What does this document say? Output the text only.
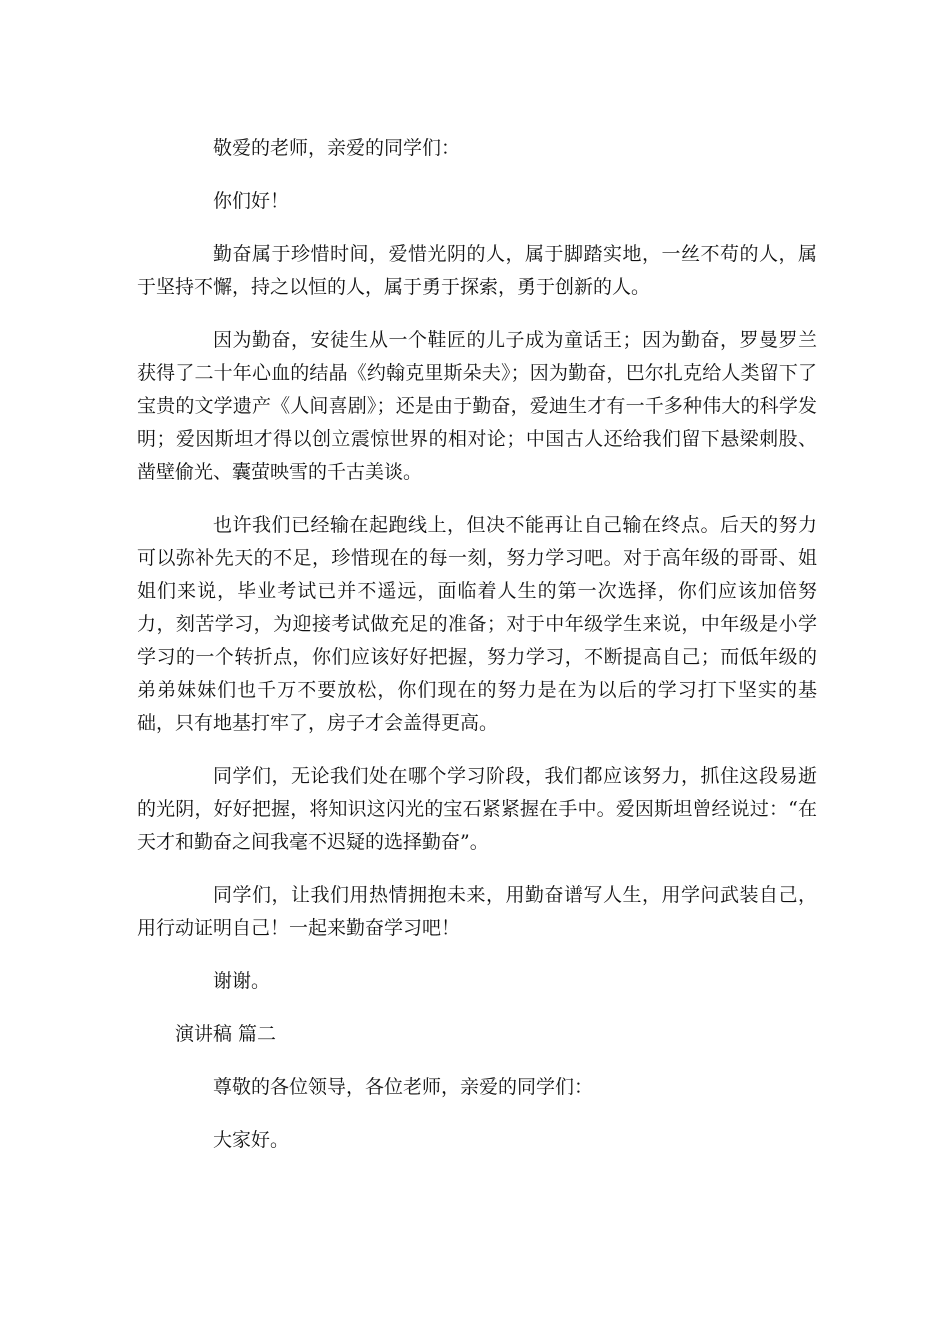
敬爱的老师，亲爱的同学们：

你们好！

勤奋属于珍惜时间，爱惜光阴的人，属于脚踏实地，一丝不苟的人，属于坚持不懈，持之以恒的人，属于勇于探索，勇于创新的人。

因为勤奋，安徒生从一个鞋匠的儿子成为童话王；因为勤奋，罗曼罗兰获得了二十年心血的结晶《约翰克里斯朵夫》；因为勤奋，巴尔扎克给人类留下了宝贵的文学遗产《人间喜剧》；还是由于勤奋，爱迪生才有一千多种伟大的科学发明；爱因斯坦才得以创立震惊世界的相对论；中国古人还给我们留下悬梁刺股、凿壁偷光、囊萤映雪的千古美谈。

也许我们已经输在起跑线上，但决不能再让自己输在终点。后天的努力可以弥补先天的不足，珍惜现在的每一刻，努力学习吧。对于高年级的哥哥、姐姐们来说，毕业考试已并不遥远，面临着人生的第一次选择，你们应该加倍努力，刻苦学习，为迎接考试做充足的准备；对于中年级学生来说，中年级是小学学习的一个转折点，你们应该好好把握，努力学习，不断提高自己；而低年级的弟弟妹妹们也千万不要放松，你们现在的努力是在为以后的学习打下坚实的基础，只有地基打牢了，房子才会盖得更高。

同学们，无论我们处在哪个学习阶段，我们都应该努力，抓住这段易逝的光阴，好好把握，将知识这闪光的宝石紧紧握在手中。爱因斯坦曾经说过：“在天才和勤奋之间我毫不迟疑的选择勤奋”。

同学们，让我们用热情拥抱未来，用勤奋谱写人生，用学问武装自己，用行动证明自己！一起来勤奋学习吧！

谢谢。

演讲稿 篇二

尊敬的各位领导，各位老师，亲爱的同学们：

大家好。
